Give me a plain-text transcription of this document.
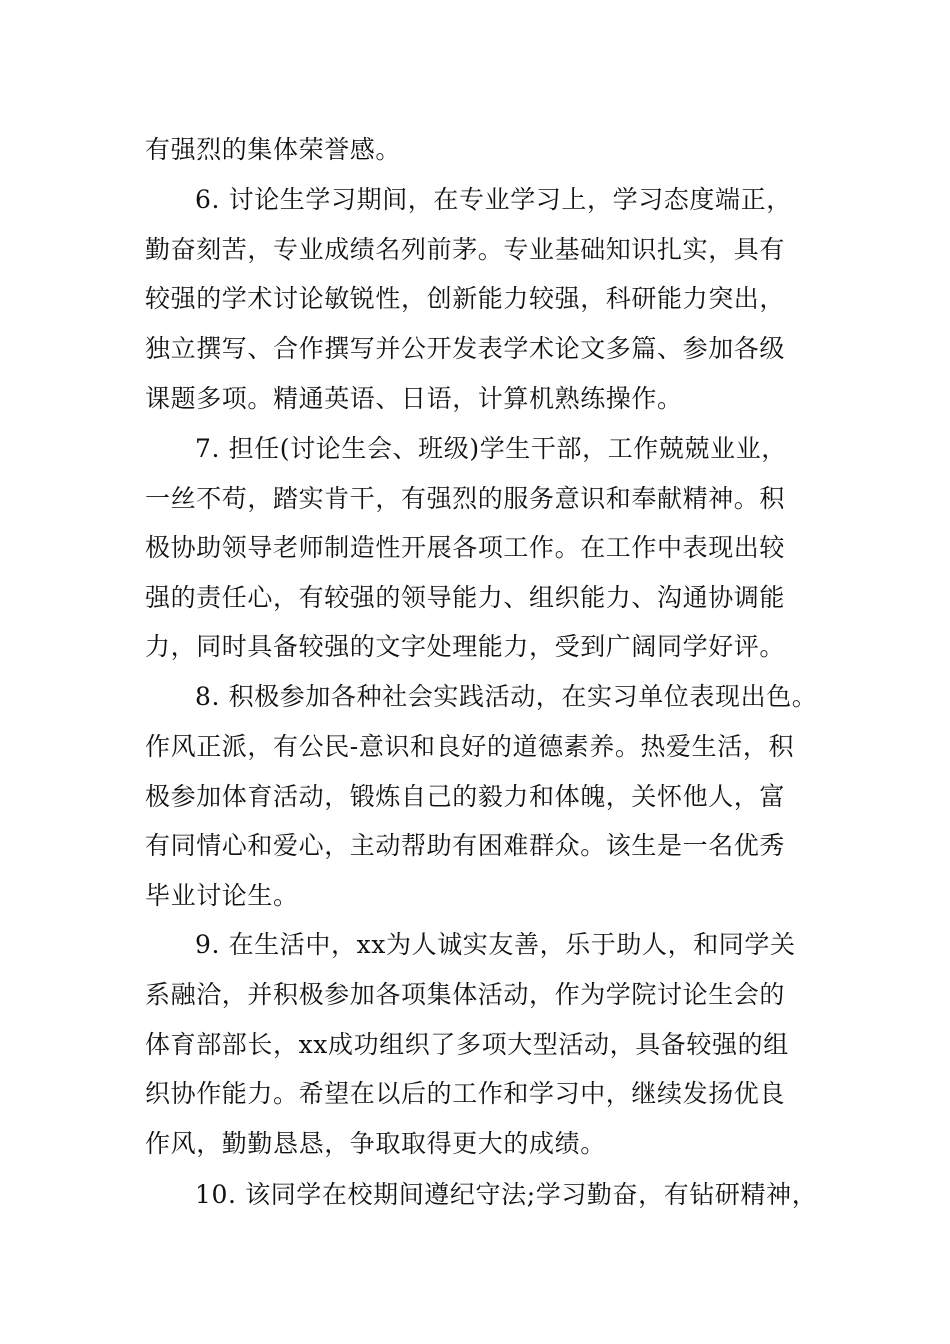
有强烈的集体荣誉感。
6. 讨论生学习期间，在专业学习上，学习态度端正，
勤奋刻苦，专业成绩名列前茅。专业基础知识扎实，具有
较强的学术讨论敏锐性，创新能力较强，科研能力突出，
独立撰写、合作撰写并公开发表学术论文多篇、参加各级
课题多项。精通英语、日语，计算机熟练操作。
7. 担任(讨论生会、班级)学生干部，工作兢兢业业，
一丝不苟，踏实肯干，有强烈的服务意识和奉献精神。积
极协助领导老师制造性开展各项工作。在工作中表现出较
强的责任心，有较强的领导能力、组织能力、沟通协调能
力，同时具备较强的文字处理能力，受到广阔同学好评。
8. 积极参加各种社会实践活动，在实习单位表现出色。
作风正派，有公民-意识和良好的道德素养。热爱生活，积
极参加体育活动，锻炼自己的毅力和体魄，关怀他人，富
有同情心和爱心，主动帮助有困难群众。该生是一名优秀
毕业讨论生。
9. 在生活中，xx为人诚实友善，乐于助人，和同学关
系融洽，并积极参加各项集体活动，作为学院讨论生会的
体育部部长，xx成功组织了多项大型活动，具备较强的组
织协作能力。希望在以后的工作和学习中，继续发扬优良
作风，勤勤恳恳，争取取得更大的成绩。
10. 该同学在校期间遵纪守法;学习勤奋，有钻研精神，
